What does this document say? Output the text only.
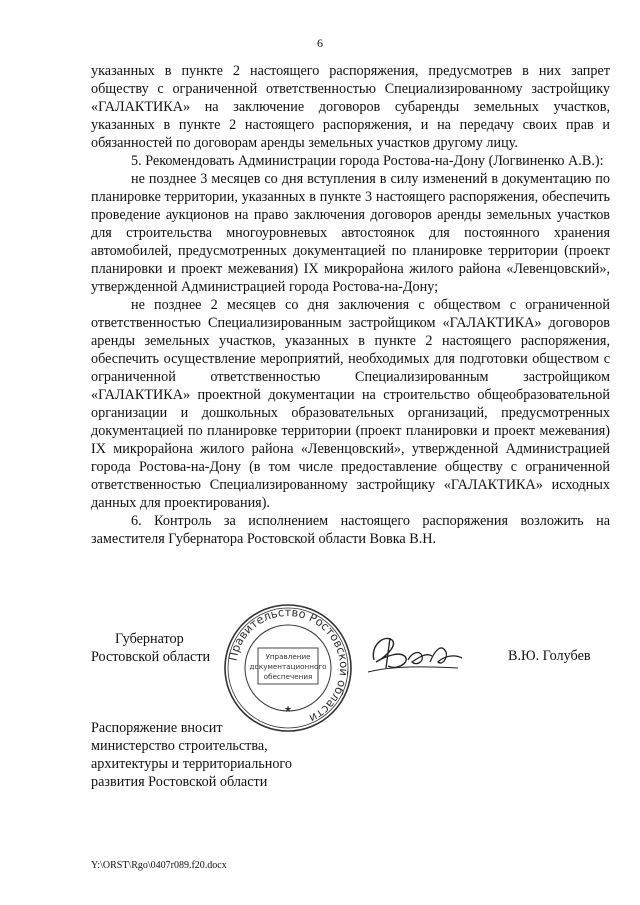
6

указанных в пункте 2 настоящего распоряжения, предусмотрев в них запрет обществу с ограниченной ответственностью Специализированному застройщику «ГАЛАКТИКА» на заключение договоров субаренды земельных участков, указанных в пункте 2 настоящего распоряжения, и на передачу своих прав и обязанностей по договорам аренды земельных участков другому лицу.

5. Рекомендовать Администрации города Ростова-на-Дону (Логвиненко А.В.):

не позднее 3 месяцев со дня вступления в силу изменений в документацию по планировке территории, указанных в пункте 3 настоящего распоряжения, обеспечить проведение аукционов на право заключения договоров аренды земельных участков для строительства многоуровневых автостоянок для постоянного хранения автомобилей, предусмотренных документацией по планировке территории (проект планировки и проект межевания) IX микрорайона жилого района «Левенцовский», утвержденной Администрацией города Ростова-на-Дону;

не позднее 2 месяцев со дня заключения с обществом с ограниченной ответственностью Специализированным застройщиком «ГАЛАКТИКА» договоров аренды земельных участков, указанных в пункте 2 настоящего распоряжения, обеспечить осуществление мероприятий, необходимых для подготовки обществом с ограниченной ответственностью Специализированным застройщиком «ГАЛАКТИКА» проектной документации на строительство общеобразовательной организации и дошкольных образовательных организаций, предусмотренных документацией по планировке территории (проект планировки и проект межевания) IX микрорайона жилого района «Левенцовский», утвержденной Администрацией города Ростова-на-Дону (в том числе предоставление обществу с ограниченной ответственностью Специализированному застройщику «ГАЛАКТИКА» исходных данных для проектирования).

6. Контроль за исполнением настоящего распоряжения возложить на заместителя Губернатора Ростовской области Вовка В.Н.

Губернатор
Ростовской области Правительство Ростовской области
Управление
документационного
обеспечения
★
В.Ю. Голубев
Распоряжение вносит
министерство строительства,
архитектуры и территориального
развития Ростовской области
Y:\ORST\Rgo\0407r089.f20.docx
